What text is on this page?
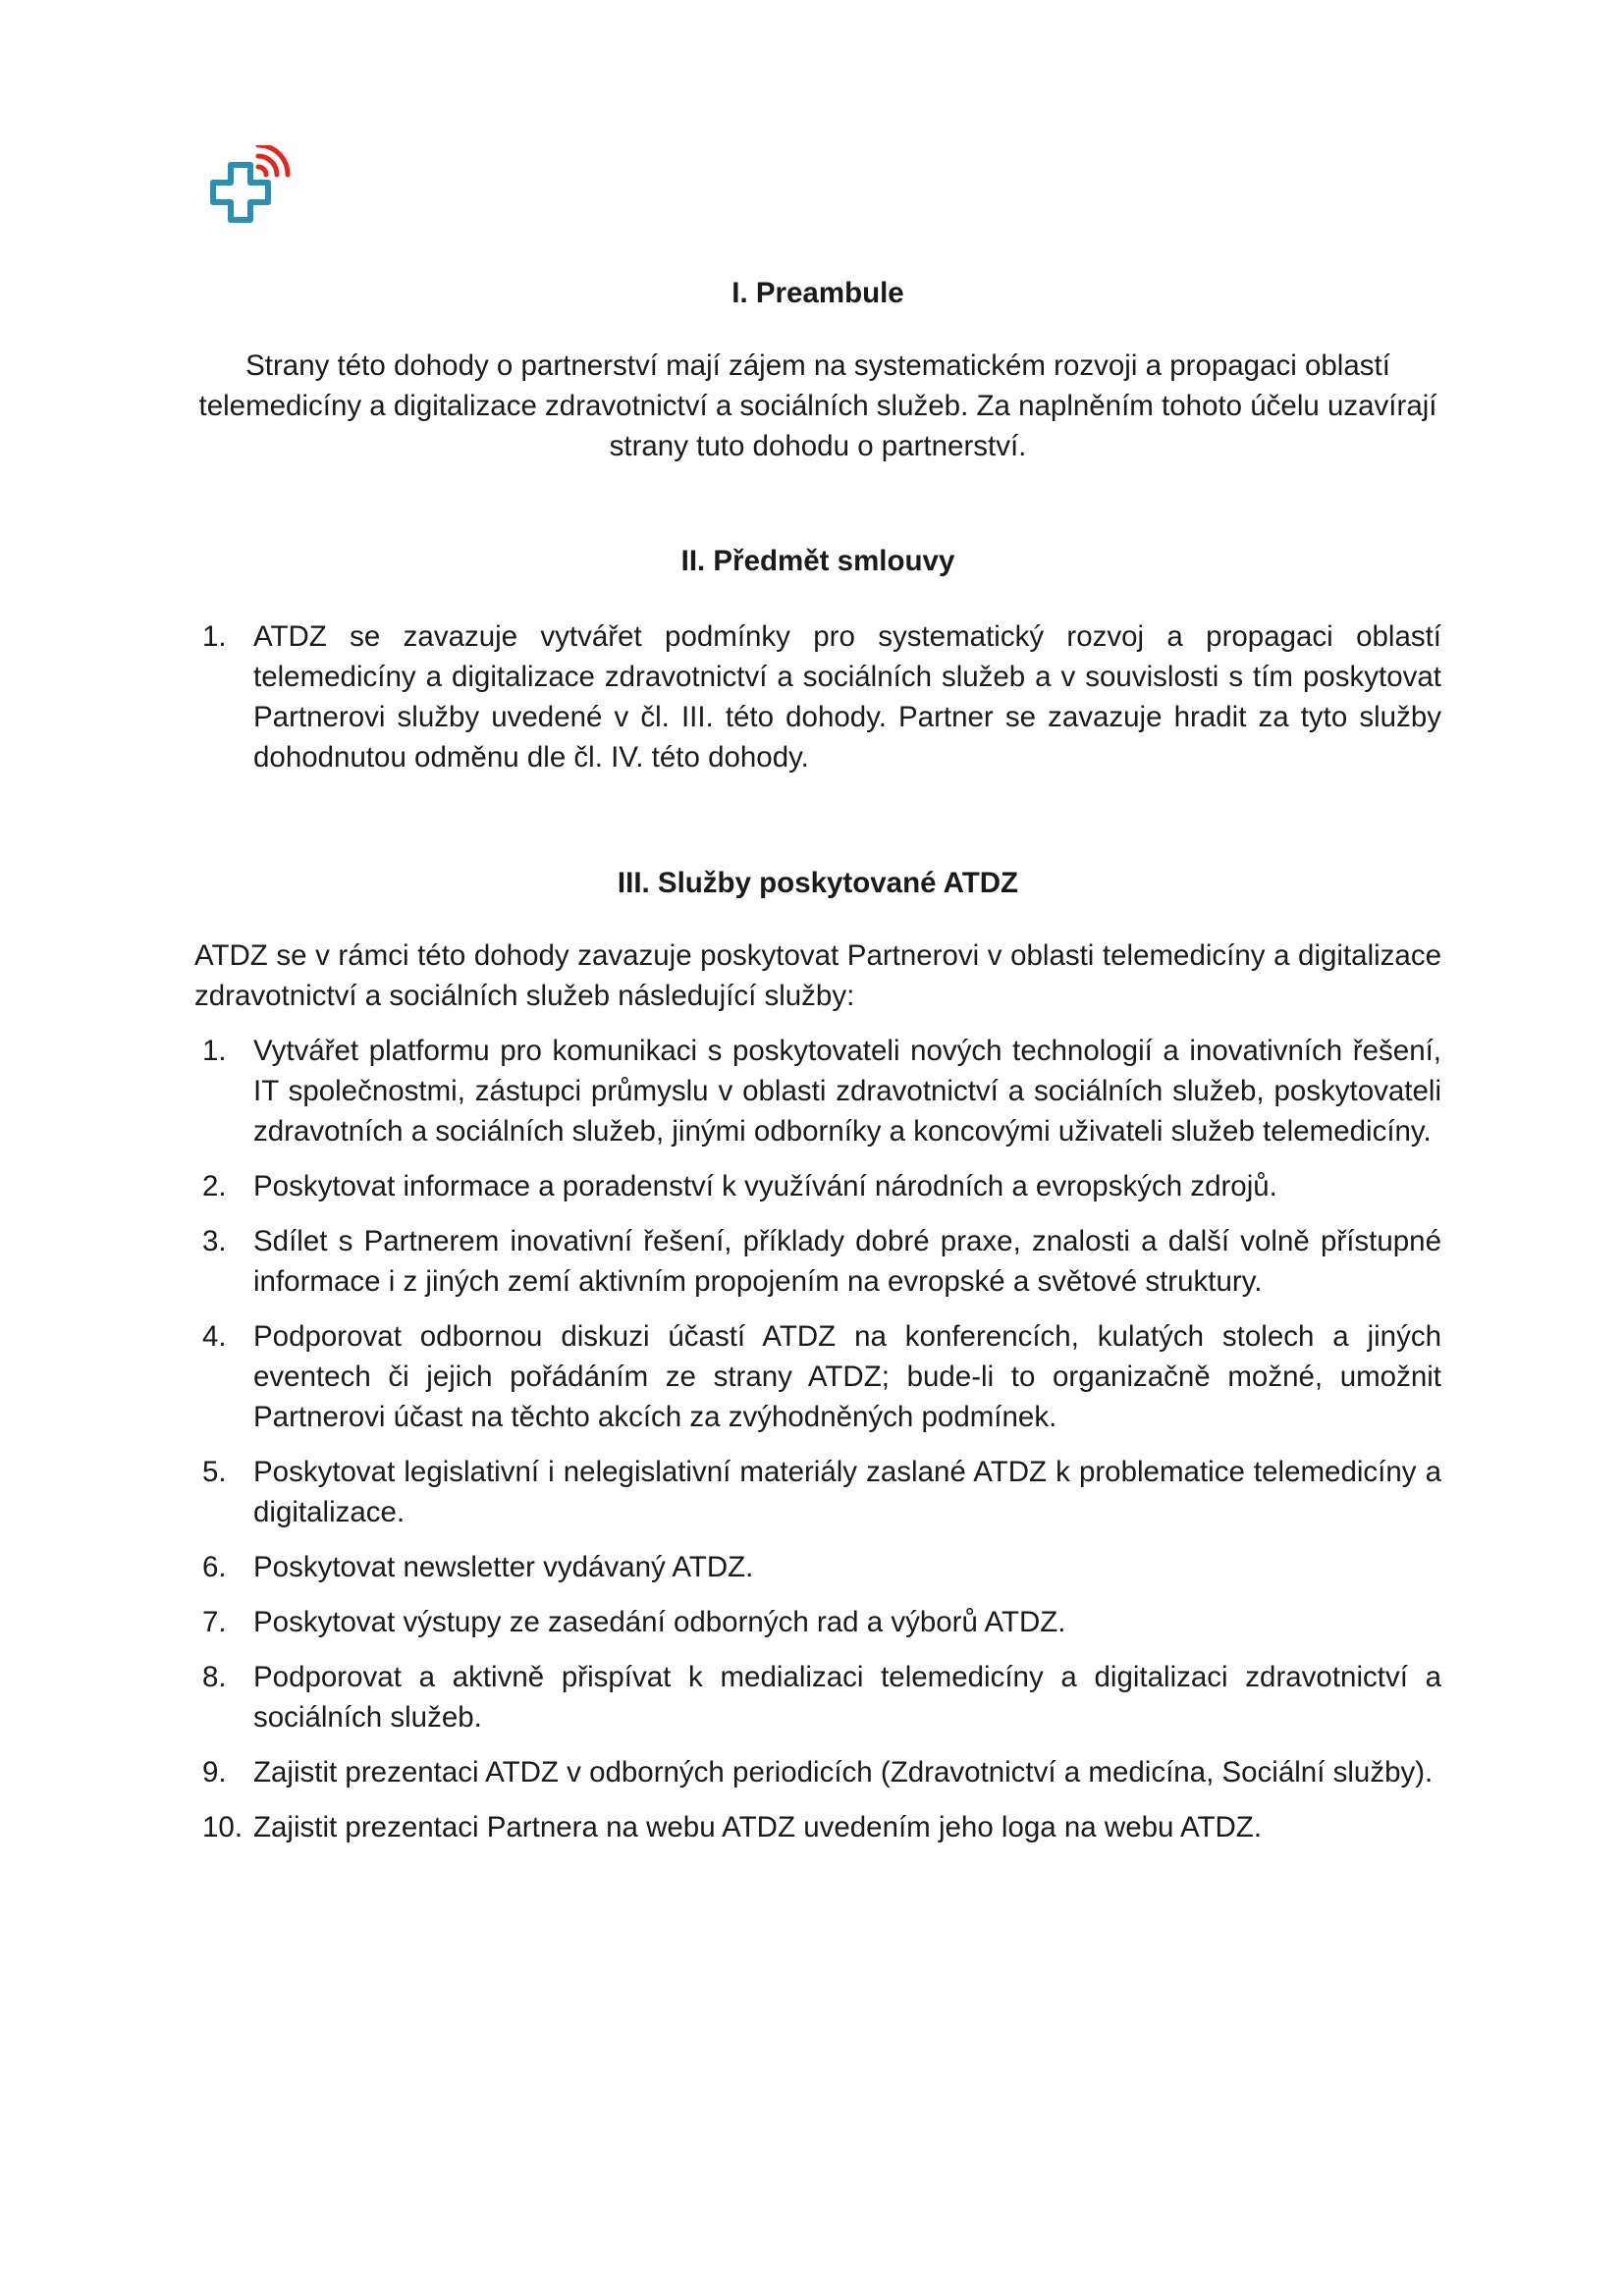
I. Preambule

Strany této dohody o partnerství mají zájem na systematickém rozvoji a propagaci oblastí telemedicíny a digitalizace zdravotnictví a sociálních služeb. Za naplněním tohoto účelu uzavírají strany tuto dohodu o partnerství.

II. Předmět smlouvy
1. ATDZ se zavazuje vytvářet podmínky pro systematický rozvoj a propagaci oblastí telemedicíny a digitalizace zdravotnictví a sociálních služeb a v souvislosti s tím poskytovat Partnerovi služby uvedené v čl. III. této dohody. Partner se zavazuje hradit za tyto služby dohodnutou odměnu dle čl. IV. této dohody.
III. Služby poskytované ATDZ

ATDZ se v rámci této dohody zavazuje poskytovat Partnerovi v oblasti telemedicíny a digitalizace zdravotnictví a sociálních služeb následující služby:

1. Vytvářet platformu pro komunikaci s poskytovateli nových technologií a inovativních řešení, IT společnostmi, zástupci průmyslu v oblasti zdravotnictví a sociálních služeb, poskytovateli zdravotních a sociálních služeb, jinými odborníky a koncovými uživateli služeb telemedicíny.
2. Poskytovat informace a poradenství k využívání národních a evropských zdrojů.
3. Sdílet s Partnerem inovativní řešení, příklady dobré praxe, znalosti a další volně přístupné informace i z jiných zemí aktivním propojením na evropské a světové struktury.
4. Podporovat odbornou diskuzi účastí ATDZ na konferencích, kulatých stolech a jiných eventech či jejich pořádáním ze strany ATDZ; bude-li to organizačně možné, umožnit Partnerovi účast na těchto akcích za zvýhodněných podmínek.
5. Poskytovat legislativní i nelegislativní materiály zaslané ATDZ k problematice telemedicíny a digitalizace.
6. Poskytovat newsletter vydávaný ATDZ.
7. Poskytovat výstupy ze zasedání odborných rad a výborů ATDZ.
8. Podporovat a aktivně přispívat k medializaci telemedicíny a digitalizaci zdravotnictví a sociálních služeb.
9. Zajistit prezentaci ATDZ v odborných periodicích (Zdravotnictví a medicína, Sociální služby).
10. Zajistit prezentaci Partnera na webu ATDZ uvedením jeho loga na webu ATDZ.
